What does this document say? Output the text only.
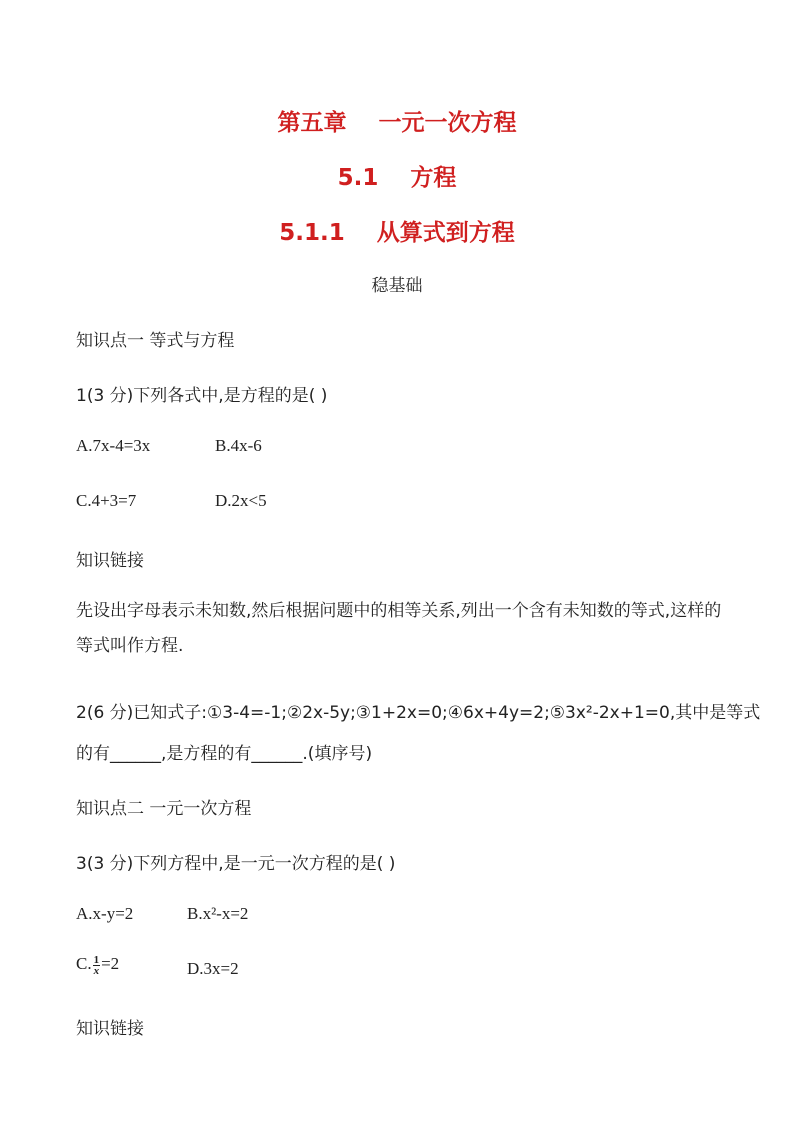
第五章    一元一次方程
5.1    方程
5.1.1    从算式到方程
稳基础
知识点一 等式与方程
1(3 分)下列各式中,是方程的是( )
A.7x-4=3x	B.4x-6
C.4+3=7	D.2x<5
知识链接
先设出字母表示未知数,然后根据问题中的相等关系,列出一个含有未知数的等式,这样的等式叫作方程.
2(6 分)已知式子:①3-4=-1;②2x-5y;③1+2x=0;④6x+4y=2;⑤3x²-2x+1=0,其中是等式
的有______,是方程的有______.(填序号)
知识点二 一元一次方程
3(3 分)下列方程中,是一元一次方程的是( )
A.x-y=2	B.x²-x=2
C. $\frac{1}{x} =2$	D.3x=2
知识链接
